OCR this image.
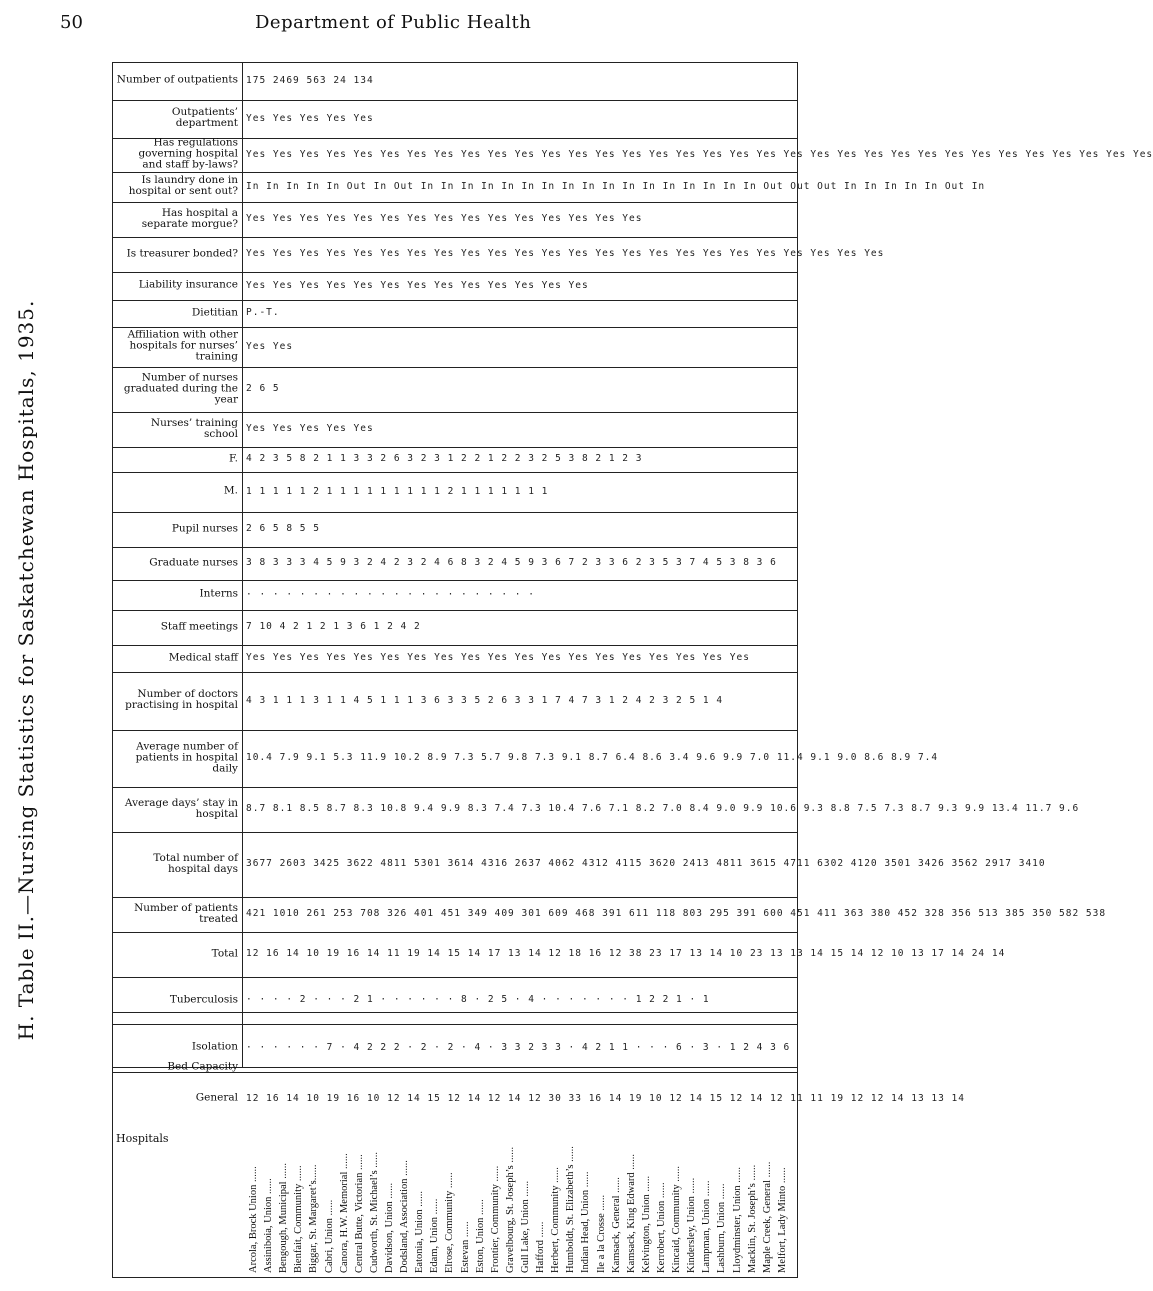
H. Table II.—Nursing Statistics for Saskatchewan Hospitals, 1935.
50	Department of Public Health
Bed Capacity
General
Isolation
Tuberculosis
Total
Number of patients treated
Total number of hospital days
Average days’ stay in hospital
Average number of patients in hospital daily
Number of doctors practising in hospital
Medical staff
Staff meetings
Interns
Graduate nurses
Pupil nurses
M.
F.
Nurses’ training school
Number of nurses graduated during the year
Affiliation with other hospitals for nurses’ training
Dietitian
Liability insurance
Is treasurer bonded?
Has hospital a separate morgue?
Is laundry done in hospital or sent out?
Has regulations governing hospital and staff by-laws?
Outpatients’ department
Number of outpatients
Arcola, Brock Union ...... Assiniboia, Union ...... Bengough, Municipal ...... Bienfait, Community ...... Biggar, St. Margaret’s...... Cabri, Union ...... Canora, H.W. Memorial ...... Central Butte, Victorian ...... Cudworth, St. Michael’s ...... Davidson, Union ...... Dodsland, Association ...... Eatonia, Union ...... Edam, Union ...... Elrose, Community ...... Estevan ...... Eston, Union ...... Frontier, Community ...... Gravelbourg, St. Joseph’s ...... Gull Lake, Union ...... Hafford ...... Herbert, Community ...... Humboldt, St. Elizabeth’s ...... Indian Head, Union ...... Ile a la Crosse ...... Kamsack, General ...... Kamsack, King Edward ...... Kelvington, Union ...... Kerrobert, Union ...... Kincaid, Community ...... Kindersley, Union ...... Lampman, Union ...... Lashburn, Union ...... Lloydminster, Union ...... Macklin, St. Joseph’s ...... Maple Creek, General ...... Melfort, Lady Minto ......
12 16 14 10 19 16 10 12 14 15 12 14 12 14 12 30 33 16 14 19 10 12 14 15 12 14 12 11 11 19 12 12 14 13 13 14
· · · · · · 7 · 4 2 2 2 · 2 · 2 · 4 · 3 3 2 3 3 · 4 2 1 1 · · · 6 · 3 · 1 2 4 3 6
· · · · 2 · · · 2 1 · · · · · · 8 · 2 5 · 4 · · · · · · · 1 2 2 1 · 1
12 16 14 10 19 16 14 11 19 14 15 14 17 13 14 12 18 16 12 38 23 17 13 14 10 23 13 13 14 15 14 12 10 13 17 14 24 14
421 1010 261 253 708 326 401 451 349 409 301 609 468 391 611 118 803 295 391 600 451 411 363 380 452 328 356 513 385 350 582 538
3677 2603 3425 3622 4811 5301 3614 4316 2637 4062 4312 4115 3620 2413 4811 3615 4711 6302 4120 3501 3426 3562 2917 3410
8.7 8.1 8.5 8.7 8.3 10.8 9.4 9.9 8.3 7.4 7.3 10.4 7.6 7.1 8.2 7.0 8.4 9.0 9.9 10.6 9.3 8.8 7.5 7.3 8.7 9.3 9.9 13.4 11.7 9.6
10.4 7.9 9.1 5.3 11.9 10.2 8.9 7.3 5.7 9.8 7.3 9.1 8.7 6.4 8.6 3.4 9.6 9.9 7.0 11.4 9.1 9.0 8.6 8.9 7.4
4 3 1 1 1 3 1 1 4 5 1 1 1 3 6 3 3 5 2 6 3 3 1 7 4 7 3 1 2 4 2 3 2 5 1 4
Yes Yes Yes Yes Yes Yes Yes Yes Yes Yes Yes Yes Yes Yes Yes Yes Yes Yes Yes
7 10 4 2 1 2 1 3 6 1 2 4 2
· · · · · · · · · · · · · · · · · · · · · ·
3 8 3 3 3 4 5 9 3 2 4 2 3 2 4 6 8 3 2 4 5 9 3 6 7 2 3 3 6 2 3 5 3 7 4 5 3 8 3 6
2 6 5 8 5 5
1 1 1 1 1 2 1 1 1 1 1 1 1 1 1 2 1 1 1 1 1 1 1
4 2 3 5 8 2 1 1 3 3 2 6 3 2 3 1 2 2 1 2 2 3 2 5 3 8 2 1 2 3
Yes Yes Yes Yes Yes
2 6 5
Yes Yes
P.-T.
Yes Yes Yes Yes Yes Yes Yes Yes Yes Yes Yes Yes Yes
Yes Yes Yes Yes Yes Yes Yes Yes Yes Yes Yes Yes Yes Yes Yes Yes Yes Yes Yes Yes Yes Yes Yes Yes
Yes Yes Yes Yes Yes Yes Yes Yes Yes Yes Yes Yes Yes Yes Yes
In In In In In Out In Out In In In In In In In In In In In In In In In In In Out Out Out In In In In In Out In
Yes Yes Yes Yes Yes Yes Yes Yes Yes Yes Yes Yes Yes Yes Yes Yes Yes Yes Yes Yes Yes Yes Yes Yes Yes Yes Yes Yes Yes Yes Yes Yes Yes Yes
Yes Yes Yes Yes Yes
175 2469 563 24 134
Hospitals
